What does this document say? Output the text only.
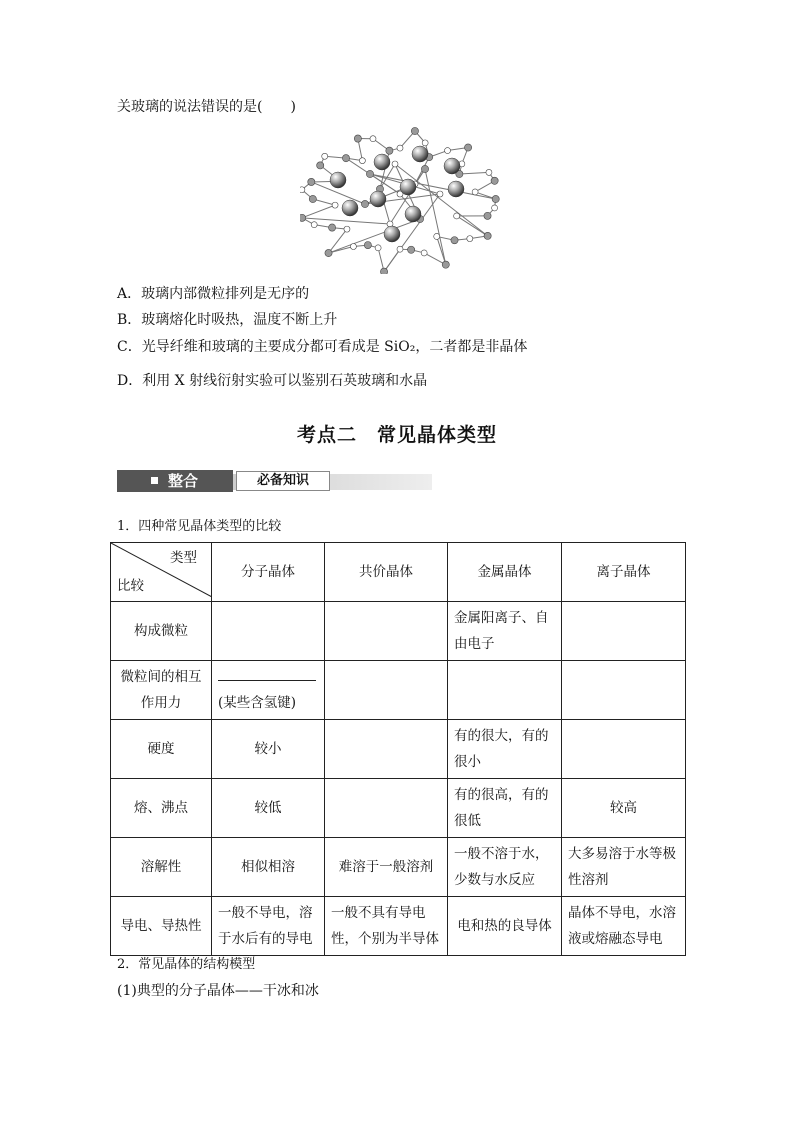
关玻璃的说法错误的是(　　)
A．玻璃内部微粒排列是无序的
B．玻璃熔化时吸热，温度不断上升
C．光导纤维和玻璃的主要成分都可看成是 SiO₂，二者都是非晶体
D．利用 X 射线衍射实验可以鉴别石英玻璃和水晶
考点二　常见晶体类型
整合	必备知识
1．四种常见晶体类型的比较
类型
比较	分子晶体	共价晶体	金属晶体	离子晶体
构成微粒			金属阳离子、自由电子	
微粒间的相互作用力	(某些含氢键)			
硬度	较小		有的很大，有的很小	
熔、沸点	较低		有的很高，有的很低	较高
溶解性	相似相溶	难溶于一般溶剂	一般不溶于水，少数与水反应	大多易溶于水等极性溶剂
导电、导热性	一般不导电，溶于水后有的导电	一般不具有导电性，个别为半导体	电和热的良导体	晶体不导电，水溶液或熔融态导电
2．常见晶体的结构模型
(1)典型的分子晶体——干冰和冰
